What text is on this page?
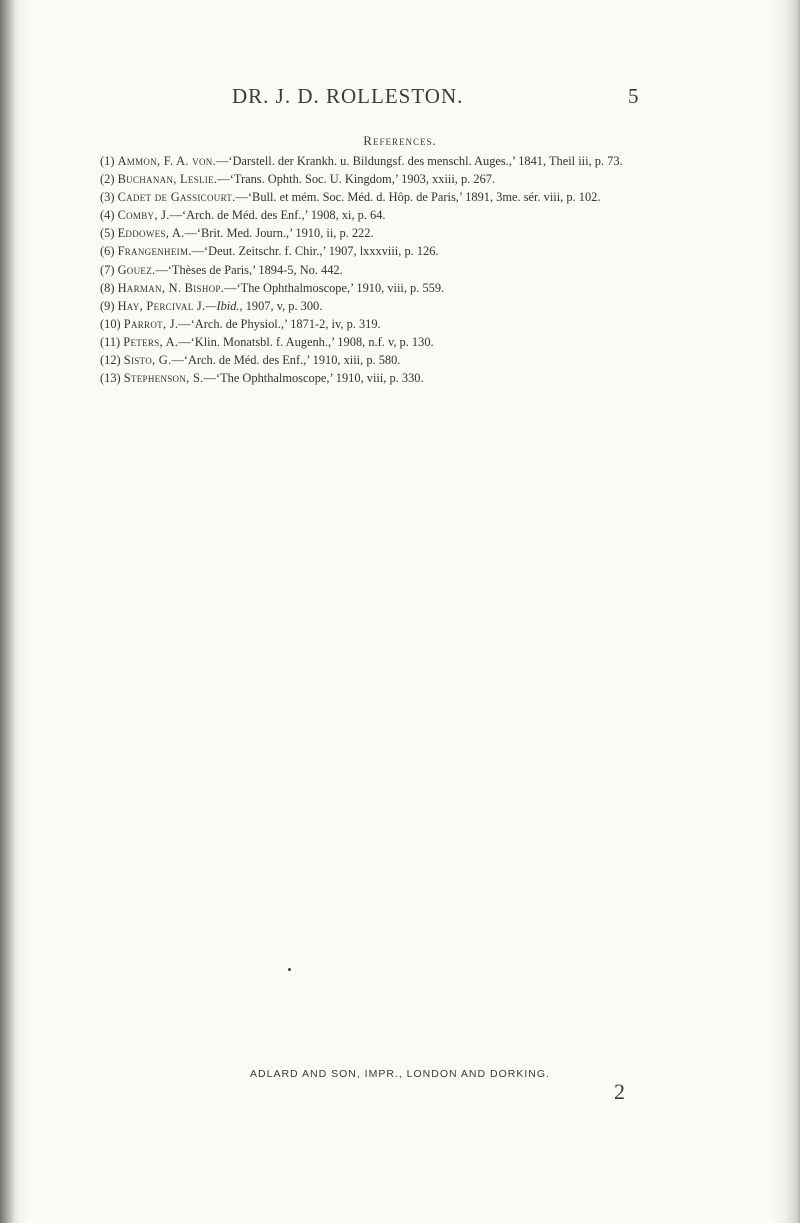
DR. J. D. ROLLESTON.	5
References.

(1) Ammon, F. A. von.—‘Darstell. der Krankh. u. Bildungsf. des menschl. Auges.,’ 1841, Theil iii, p. 73.

(2) Buchanan, Leslie.—‘Trans. Ophth. Soc. U. Kingdom,’ 1903, xxiii, p. 267.

(3) Cadet de Gassicourt.—‘Bull. et mém. Soc. Méd. d. Hôp. de Paris,’ 1891, 3me. sér. viii, p. 102.

(4) Comby, J.—‘Arch. de Méd. des Enf.,’ 1908, xi, p. 64.

(5) Eddowes, A.—‘Brit. Med. Journ.,’ 1910, ii, p. 222.

(6) Frangenheim.—‘Deut. Zeitschr. f. Chir.,’ 1907, lxxxviii, p. 126.

(7) Gouez.—‘Thèses de Paris,’ 1894-5, No. 442.

(8) Harman, N. Bishop.—‘The Ophthalmoscope,’ 1910, viii, p. 559.

(9) Hay, Percival J.—Ibid., 1907, v, p. 300.

(10) Parrot, J.—‘Arch. de Physiol.,’ 1871-2, iv, p. 319.

(11) Peters, A.—‘Klin. Monatsbl. f. Augenh.,’ 1908, n.f. v, p. 130.

(12) Sisto, G.—‘Arch. de Méd. des Enf.,’ 1910, xiii, p. 580.

(13) Stephenson, S.—‘The Ophthalmoscope,’ 1910, viii, p. 330.

ADLARD AND SON, IMPR., LONDON AND DORKING.
2
